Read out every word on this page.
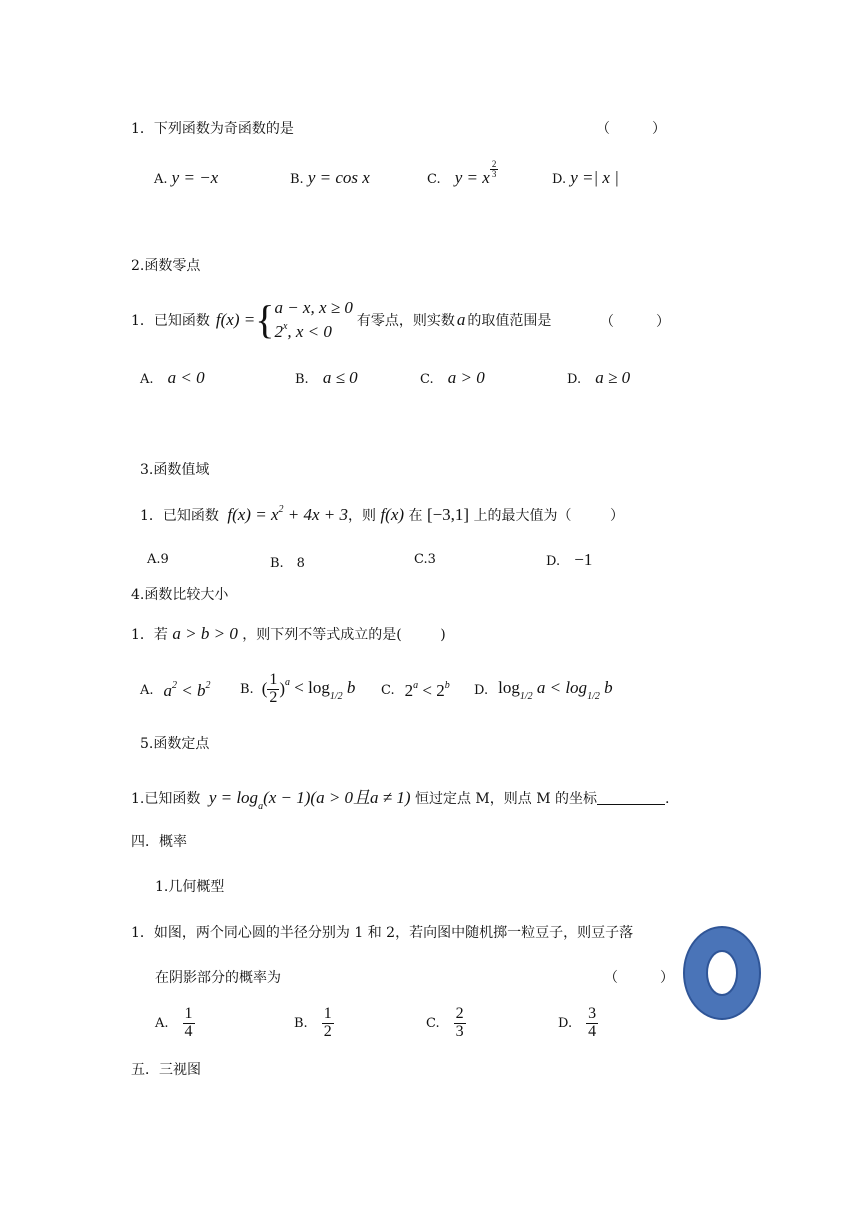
1．下列函数为奇函数的是	（　　　）
A. y = −x	B. y = cos x	C. y = x $\frac{2}{3}$	D. y =| x |
2.函数零点
1．已知函数 f(x) = { a − x, x ≥ 0
2$^x$, x < 0
有零点，则实数 a 的取值范围是	（　　　）
A. a < 0	B. a ≤ 0	C. a > 0	D. a ≥ 0
3.函数值域
1．已知函数 $f(x) = x^2 + 4x + 3$，则 f(x) 在 [−3,1] 上的最大值为（	）
A.9	B.　8	C.3	D. −1
4.函数比较大小
1．若 a > b > 0 ，则下列不等式成立的是(	)
A. $a^2 < b^2$ B. ( $\frac{1}{2}$ ) $^a < \log_{1/2} b$ C. $2^a < 2^b$ D. $\log_{1/2} a < \log_{1/2} b$
5.函数定点
1.已知函数 $y = \log_a(x - 1)(a > 0$且a ≠ 1) 恒过定点 M，则点 M 的坐标	.
四．概率
1.几何概型
1．如图，两个同心圆的半径分别为 1 和 2，若向图中随机掷一粒豆子，则豆子落
在阴影部分的概率为	（　　　）
A. $\frac{1}{4}$	B. $\frac{1}{2}$	C. $\frac{2}{3}$	D. $\frac{3}{4}$
五．三视图
